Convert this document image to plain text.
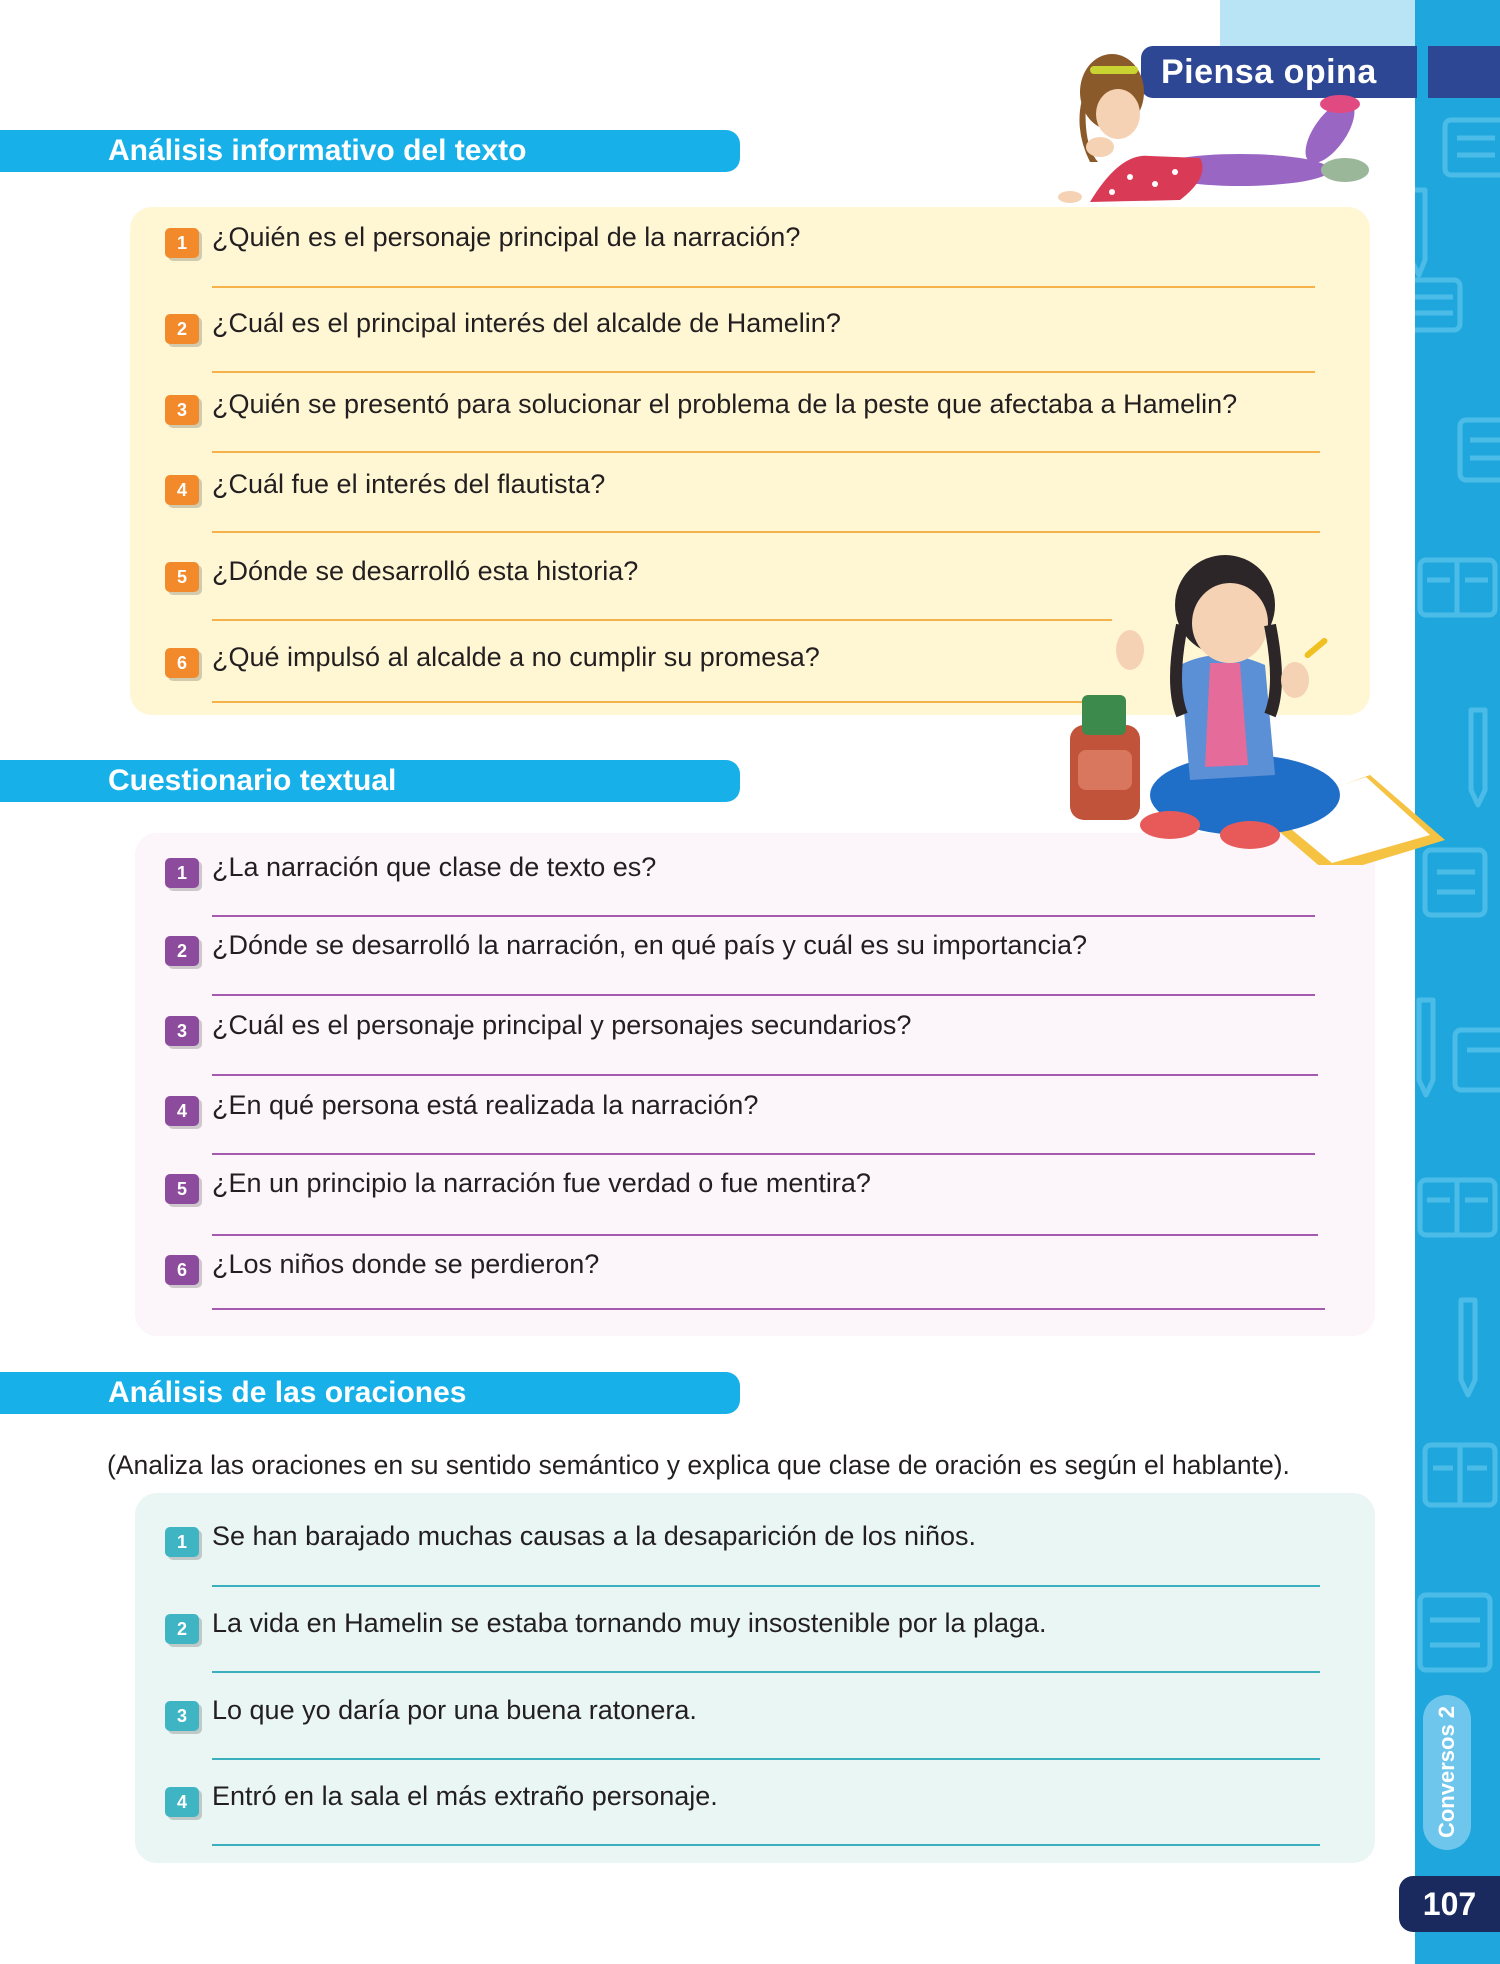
Piensa opina
Conversos 2
107
Análisis informativo del texto
1 ¿Quién es el personaje principal de la narración?
2 ¿Cuál es el principal interés del alcalde de Hamelin?
3 ¿Quién se presentó para solucionar el problema de la peste que afectaba a Hamelin?
4 ¿Cuál fue el interés del flautista?
5 ¿Dónde se desarrolló esta historia?
6 ¿Qué impulsó al alcalde a no cumplir su promesa?
Cuestionario textual
1 ¿La narración que clase de texto es?
2 ¿Dónde se desarrolló la narración, en qué país y cuál es su importancia?
3 ¿Cuál es el personaje principal y personajes secundarios?
4 ¿En qué persona está realizada la narración?
5 ¿En un principio la narración fue verdad o fue mentira?
6 ¿Los niños donde se perdieron?
Análisis de las oraciones
(Analiza las oraciones en su sentido semántico y explica que clase de oración es según el hablante).
1 Se han barajado muchas causas a la desaparición de los niños.
2 La vida en Hamelin se estaba tornando muy insostenible por la plaga.
3 Lo que yo daría por una buena ratonera.
4 Entró en la sala el más extraño personaje.
